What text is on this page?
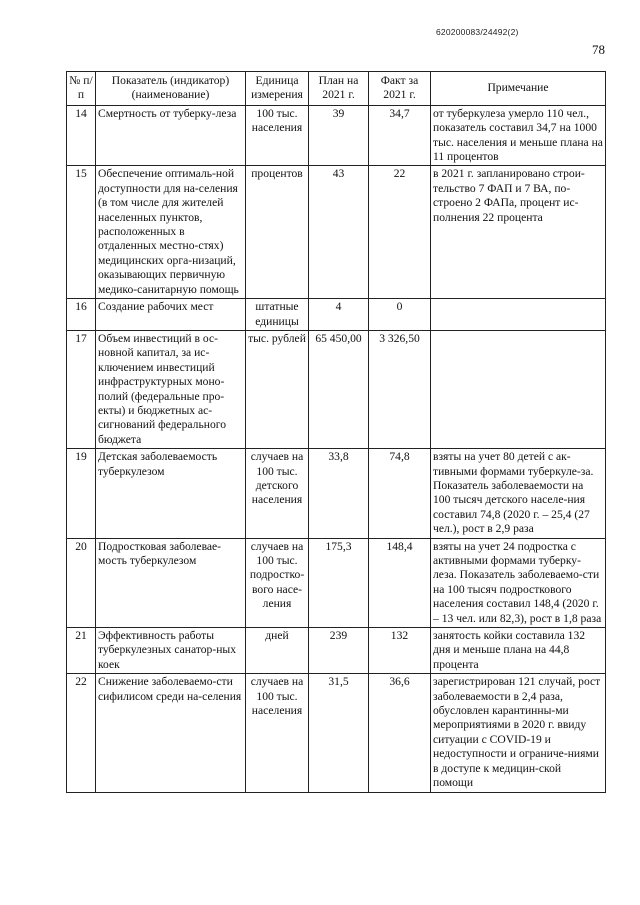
620200083/24492(2)
78
№ п/п	Показатель (индикатор) (наименование)	Единица измерения	План на 2021 г.	Факт за 2021 г.	Примечание
14	Смертность от туберку-леза	100 тыс. населения	39	34,7	от туберкулеза умерло 110 чел., показатель составил 34,7 на 1000 тыс. населения и меньше плана на 11 процентов
15	Обеспечение оптималь-ной доступности для на-селения (в том числе для жителей населенных пунктов, расположенных в отдаленных местно-стях) медицинских орга-низаций, оказывающих первичную медико-санитарную помощь	процентов	43	22	в 2021 г. запланировано строи-тельство 7 ФАП и 7 ВА, по-строено 2 ФАПа, процент ис-полнения 22 процента
16	Создание рабочих мест	штатные единицы	4	0	
17	Объем инвестиций в ос-новной капитал, за ис-ключением инвестиций инфраструктурных моно-полий (федеральные про-екты) и бюджетных ас-сигнований федерального бюджета	тыс. рублей	65 450,00	3 326,50	
19	Детская заболеваемость туберкулезом	случаев на 100 тыс. детского населения	33,8	74,8	взяты на учет 80 детей с ак-тивными формами туберкуле-за. Показатель заболеваемости на 100 тысяч детского населе-ния составил 74,8 (2020 г. – 25,4 (27 чел.), рост в 2,9 раза
20	Подростковая заболевае-мость туберкулезом	случаев на 100 тыс. подростко-вого насе-ления	175,3	148,4	взяты на учет 24 подростка с активными формами туберку-леза. Показатель заболеваемо-сти на 100 тысяч подросткового населения составил 148,4 (2020 г. – 13 чел. или 82,3), рост в 1,8 раза
21	Эффективность работы туберкулезных санатор-ных коек	дней	239	132	занятость койки составила 132 дня и меньше плана на 44,8 процента
22	Снижение заболеваемо-сти сифилисом среди на-селения	случаев на 100 тыс. населения	31,5	36,6	зарегистрирован 121 случай, рост заболеваемости в 2,4 раза, обусловлен карантинны-ми мероприятиями в 2020 г. ввиду ситуации с COVID-19 и недоступности и ограниче-ниями в доступе к медицин-ской помощи
